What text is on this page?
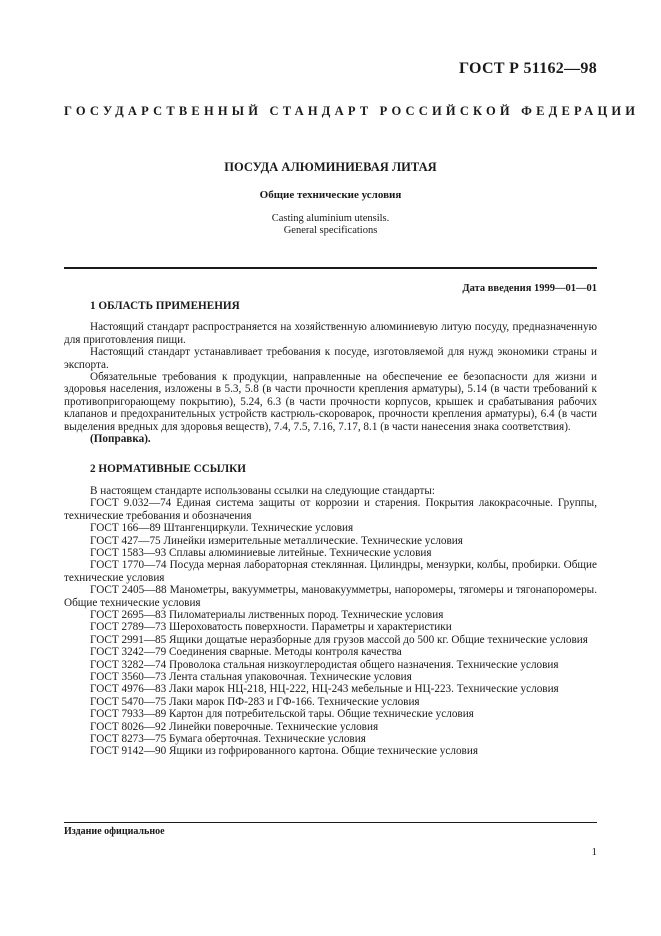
ГОСТ Р 51162—98
ГОСУДАРСТВЕННЫЙ СТАНДАРТ РОССИЙСКОЙ ФЕДЕРАЦИИ
ПОСУДА АЛЮМИНИЕВАЯ ЛИТАЯ
Общие технические условия
Casting aluminium utensils.
General specifications
Дата введения 1999—01—01
1 ОБЛАСТЬ ПРИМЕНЕНИЯ

Настоящий стандарт распространяется на хозяйственную алюминиевую литую посуду, предназначенную для приготовления пищи.

Настоящий стандарт устанавливает требования к посуде, изготовляемой для нужд экономики страны и экспорта.

Обязательные требования к продукции, направленные на обеспечение ее безопасности для жизни и здоровья населения, изложены в 5.3, 5.8 (в части прочности крепления арматуры), 5.14 (в части требований к противопригорающему покрытию), 5.24, 6.3 (в части прочности корпусов, крышек и срабатывания рабочих клапанов и предохранительных устройств кастрюль-скороварок, прочности крепления арматуры), 6.4 (в части выделения вредных для здоровья веществ), 7.4, 7.5, 7.16, 7.17, 8.1 (в части нанесения знака соответствия).

(Поправка).

2 НОРМАТИВНЫЕ ССЫЛКИ

В настоящем стандарте использованы ссылки на следующие стандарты:

ГОСТ 9.032—74 Единая система защиты от коррозии и старения. Покрытия лакокрасочные. Группы, технические требования и обозначения

ГОСТ 166—89 Штангенциркули. Технические условия

ГОСТ 427—75 Линейки измерительные металлические. Технические условия

ГОСТ 1583—93 Сплавы алюминиевые литейные. Технические условия

ГОСТ 1770—74 Посуда мерная лабораторная стеклянная. Цилиндры, мензурки, колбы, пробирки. Общие технические условия

ГОСТ 2405—88 Манометры, вакуумметры, мановакуумметры, напоромеры, тягомеры и тягонапоромеры. Общие технические условия

ГОСТ 2695—83 Пиломатериалы лиственных пород. Технические условия

ГОСТ 2789—73 Шероховатость поверхности. Параметры и характеристики

ГОСТ 2991—85 Ящики дощатые неразборные для грузов массой до 500 кг. Общие технические условия

ГОСТ 3242—79 Соединения сварные. Методы контроля качества

ГОСТ 3282—74 Проволока стальная низкоуглеродистая общего назначения. Технические условия

ГОСТ 3560—73 Лента стальная упаковочная. Технические условия

ГОСТ 4976—83 Лаки марок НЦ-218, НЦ-222, НЦ-243 мебельные и НЦ-223. Технические условия

ГОСТ 5470—75 Лаки марок ПФ-283 и ГФ-166. Технические условия

ГОСТ 7933—89 Картон для потребительской тары. Общие технические условия

ГОСТ 8026—92 Линейки поверочные. Технические условия

ГОСТ 8273—75 Бумага оберточная. Технические условия

ГОСТ 9142—90 Ящики из гофрированного картона. Общие технические условия

Издание официальное
1
